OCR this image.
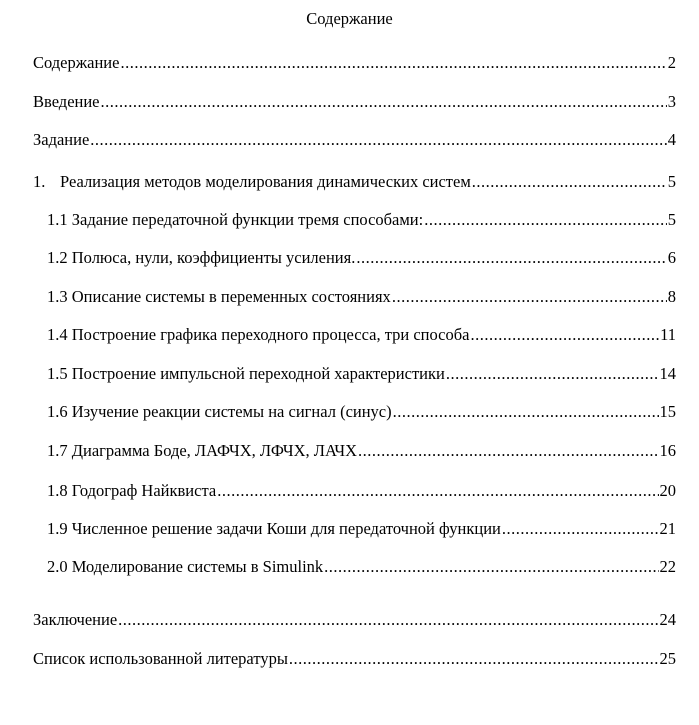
Содержание
Содержание .....	2
Введение .....	3
Задание .....	4
1. Реализация методов моделирования динамических систем .....	5
1.1 Задание передаточной функции тремя способами: .....	5
1.2 Полюса, нули, коэффициенты усиления. .....	6
1.3 Описание системы в переменных состояниях .....	8
1.4 Построение графика переходного процесса, три способа .....	11
1.5 Построение импульсной переходной характеристики .....	14
1.6 Изучение реакции системы на сигнал (синус) .....	15
1.7 Диаграмма Боде, ЛАФЧХ, ЛФЧХ, ЛАЧХ .....	16
1.8 Годограф Найквиста .....	20
1.9 Численное решение задачи Коши для передаточной функции .....	21
2.0 Моделирование системы в Simulink .....	22
Заключение .....	24
Список использованной литературы .....	25
